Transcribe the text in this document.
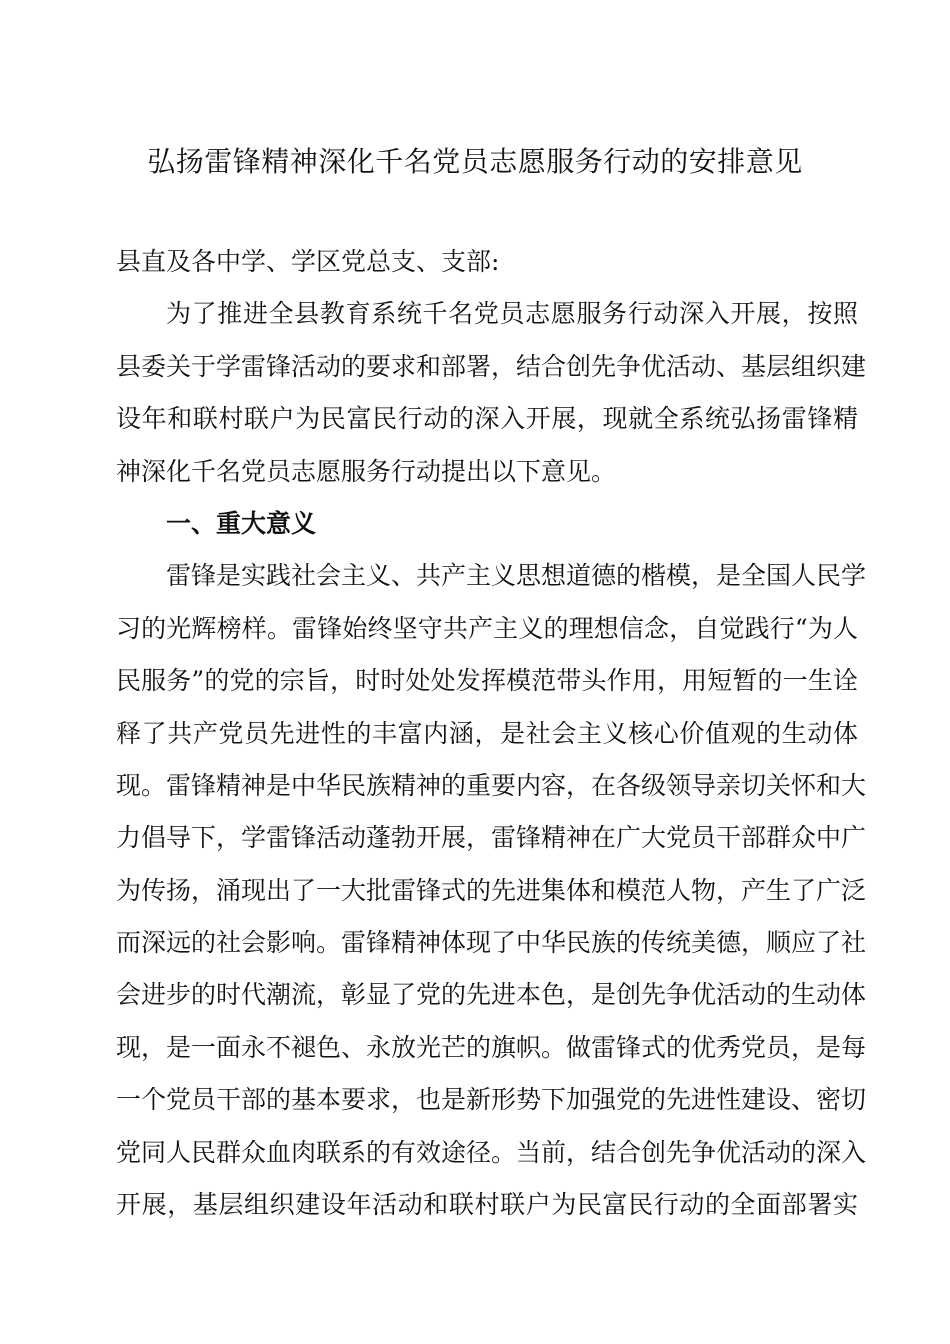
弘扬雷锋精神深化千名党员志愿服务行动的安排意见
县直及各中学、学区党总支、支部:
为了推进全县教育系统千名党员志愿服务行动深入开展，按照
县委关于学雷锋活动的要求和部署，结合创先争优活动、基层组织建
设年和联村联户为民富民行动的深入开展，现就全系统弘扬雷锋精
神深化千名党员志愿服务行动提出以下意见。
一、重大意义
雷锋是实践社会主义、共产主义思想道德的楷模，是全国人民学
习的光辉榜样。雷锋始终坚守共产主义的理想信念，自觉践行“为人
民服务”的党的宗旨，时时处处发挥模范带头作用，用短暂的一生诠
释了共产党员先进性的丰富内涵，是社会主义核心价值观的生动体
现。雷锋精神是中华民族精神的重要内容，在各级领导亲切关怀和大
力倡导下，学雷锋活动蓬勃开展，雷锋精神在广大党员干部群众中广
为传扬，涌现出了一大批雷锋式的先进集体和模范人物，产生了广泛
而深远的社会影响。雷锋精神体现了中华民族的传统美德，顺应了社
会进步的时代潮流，彰显了党的先进本色，是创先争优活动的生动体
现，是一面永不褪色、永放光芒的旗帜。做雷锋式的优秀党员，是每
一个党员干部的基本要求，也是新形势下加强党的先进性建设、密切
党同人民群众血肉联系的有效途径。当前，结合创先争优活动的深入
开展，基层组织建设年活动和联村联户为民富民行动的全面部署实
